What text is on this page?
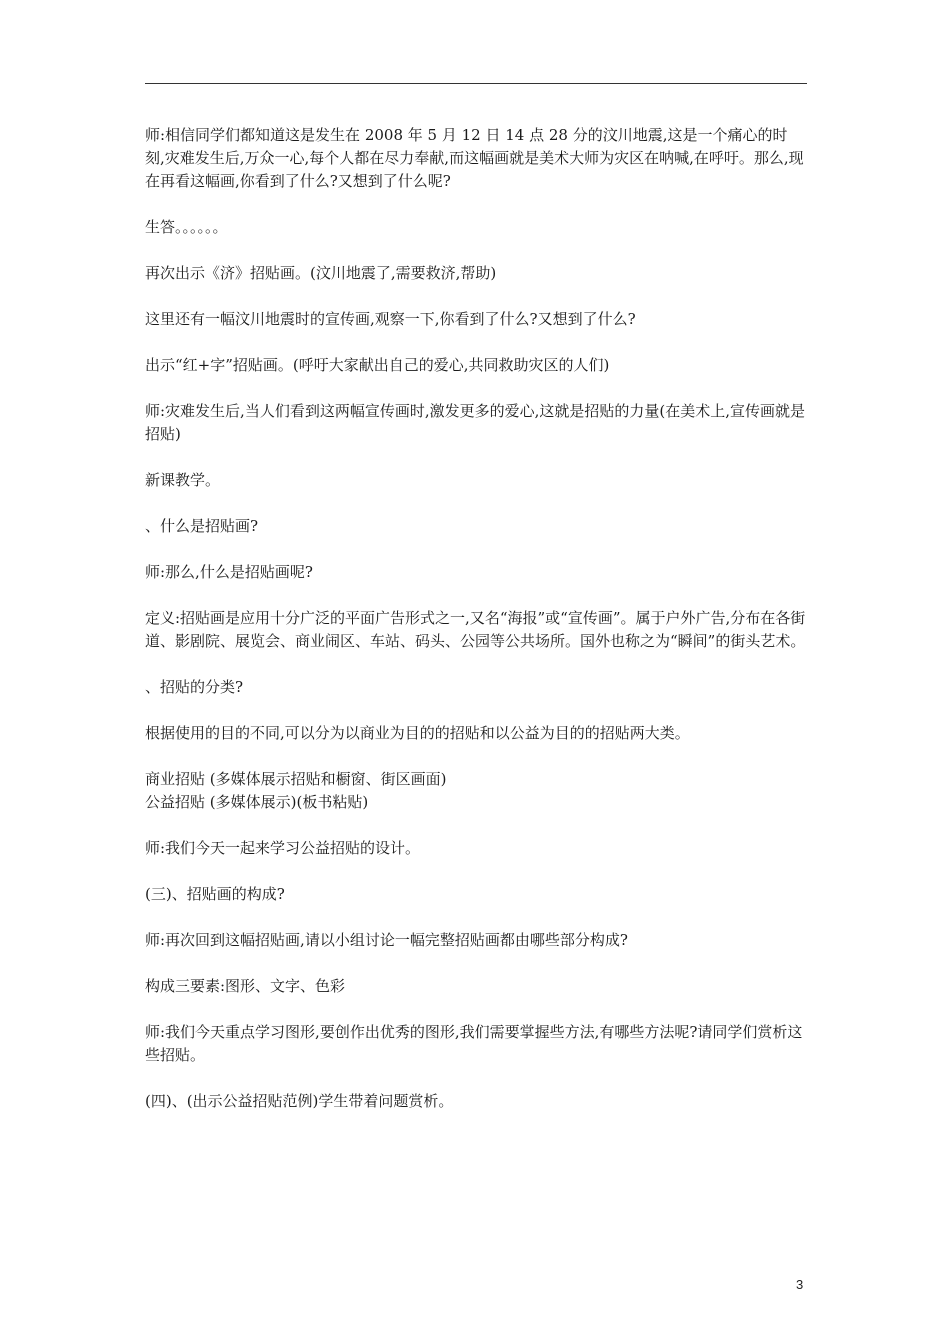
师:相信同学们都知道这是发生在 2008 年 5 月 12 日 14 点 28 分的汶川地震,这是一个痛心的时刻,灾难发生后,万众一心,每个人都在尽力奉献,而这幅画就是美术大师为灾区在呐喊,在呼吁。那么,现在再看这幅画,你看到了什么?又想到了什么呢?

生答。。。。。。

再次出示《济》招贴画。(汶川地震了,需要救济,帮助)

这里还有一幅汶川地震时的宣传画,观察一下,你看到了什么?又想到了什么?

出示“红+字”招贴画。(呼吁大家献出自己的爱心,共同救助灾区的人们)

师:灾难发生后,当人们看到这两幅宣传画时,激发更多的爱心,这就是招贴的力量(在美术上,宣传画就是招贴)

新课教学。

、什么是招贴画?

师:那么,什么是招贴画呢?

定义:招贴画是应用十分广泛的平面广告形式之一,又名“海报”或“宣传画”。属于户外广告,分布在各街道、影剧院、展览会、商业闹区、车站、码头、公园等公共场所。国外也称之为“瞬间”的街头艺术。

、招贴的分类?

根据使用的目的不同,可以分为以商业为目的的招贴和以公益为目的的招贴两大类。

商业招贴 (多媒体展示招贴和橱窗、街区画面)

公益招贴 (多媒体展示)(板书粘贴)

师:我们今天一起来学习公益招贴的设计。

(三)、招贴画的构成?

师:再次回到这幅招贴画,请以小组讨论一幅完整招贴画都由哪些部分构成?

构成三要素:图形、文字、色彩

师:我们今天重点学习图形,要创作出优秀的图形,我们需要掌握些方法,有哪些方法呢?请同学们赏析这些招贴。

(四)、(出示公益招贴范例)学生带着问题赏析。

3
